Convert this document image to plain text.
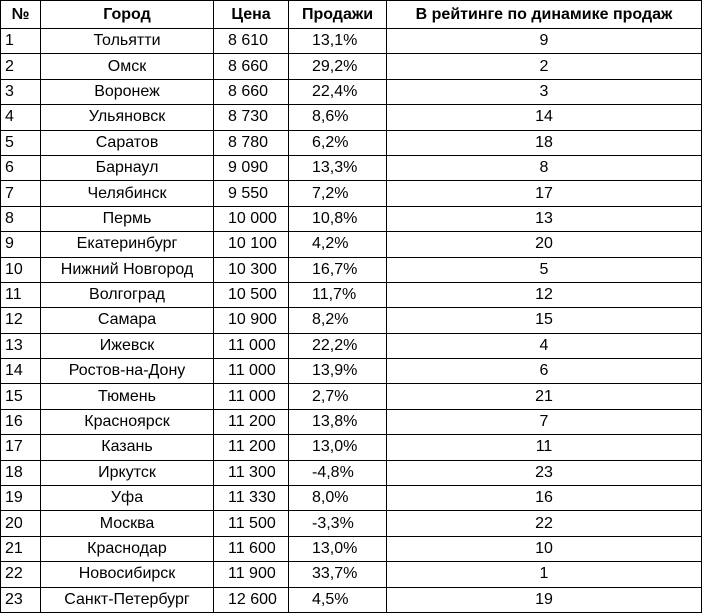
№	Город	Цена	Продажи	В рейтинге по динамике продаж
1	Тольятти	8 610	13,1%	9
2	Омск	8 660	29,2%	2
3	Воронеж	8 660	22,4%	3
4	Ульяновск	8 730	8,6%	14
5	Саратов	8 780	6,2%	18
6	Барнаул	9 090	13,3%	8
7	Челябинск	9 550	7,2%	17
8	Пермь	10 000	10,8%	13
9	Екатеринбург	10 100	4,2%	20
10	Нижний Новгород	10 300	16,7%	5
11	Волгоград	10 500	11,7%	12
12	Самара	10 900	8,2%	15
13	Ижевск	11 000	22,2%	4
14	Ростов-на-Дону	11 000	13,9%	6
15	Тюмень	11 000	2,7%	21
16	Красноярск	11 200	13,8%	7
17	Казань	11 200	13,0%	11
18	Иркутск	11 300	-4,8%	23
19	Уфа	11 330	8,0%	16
20	Москва	11 500	-3,3%	22
21	Краснодар	11 600	13,0%	10
22	Новосибирск	11 900	33,7%	1
23	Санкт-Петербург	12 600	4,5%	19
